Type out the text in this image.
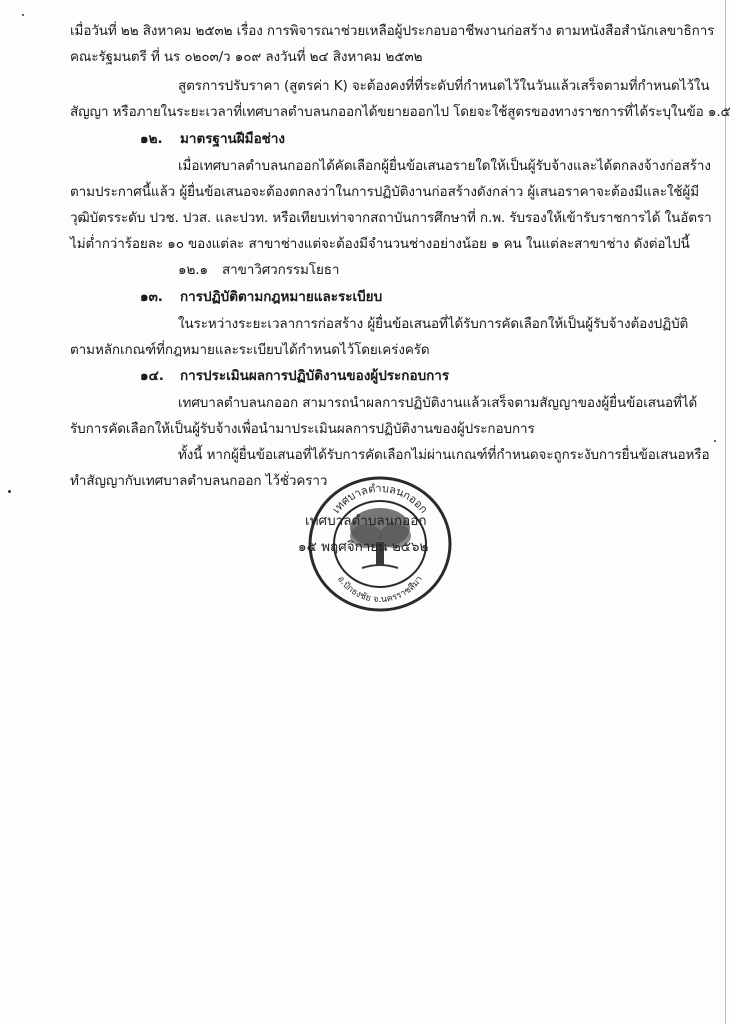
เมื่อวันที่ ๒๒ สิงหาคม ๒๕๓๒ เรื่อง การพิจารณาช่วยเหลือผู้ประกอบอาชีพงานก่อสร้าง ตามหนังสือสำนักเลขาธิการ
คณะรัฐมนตรี ที่ นร ๐๒๐๓/ว ๑๐๙ ลงวันที่ ๒๔ สิงหาคม ๒๕๓๒
สูตรการปรับราคา (สูตรค่า K) จะต้องคงที่ที่ระดับที่กำหนดไว้ในวันแล้วเสร็จตามที่กำหนดไว้ใน
สัญญา หรือภายในระยะเวลาที่เทศบาลตำบลนกออกได้ขยายออกไป โดยจะใช้สูตรของทางราชการที่ได้ระบุในข้อ ๑.๕
๑๒. มาตรฐานฝีมือช่าง
เมื่อเทศบาลตำบลนกออกได้คัดเลือกผู้ยื่นข้อเสนอรายใดให้เป็นผู้รับจ้างและได้ตกลงจ้างก่อสร้าง
ตามประกาศนี้แล้ว ผู้ยื่นข้อเสนอจะต้องตกลงว่าในการปฏิบัติงานก่อสร้างดังกล่าว ผู้เสนอราคาจะต้องมีและใช้ผู้มี
วุฒิบัตรระดับ ปวช. ปวส. และปวท. หรือเทียบเท่าจากสถาบันการศึกษาที่ ก.พ. รับรองให้เข้ารับราชการได้ ในอัตรา
ไม่ต่ำกว่าร้อยละ ๑๐ ของแต่ละ สาขาช่างแต่จะต้องมีจำนวนช่างอย่างน้อย ๑ คน ในแต่ละสาขาช่าง ดังต่อไปนี้
๑๒.๑ สาขาวิศวกรรมโยธา
๑๓. การปฏิบัติตามกฎหมายและระเบียบ
ในระหว่างระยะเวลาการก่อสร้าง ผู้ยื่นข้อเสนอที่ได้รับการคัดเลือกให้เป็นผู้รับจ้างต้องปฏิบัติ
ตามหลักเกณฑ์ที่กฎหมายและระเบียบได้กำหนดไว้โดยเคร่งครัด
๑๔. การประเมินผลการปฏิบัติงานของผู้ประกอบการ
เทศบาลตำบลนกออก สามารถนำผลการปฏิบัติงานแล้วเสร็จตามสัญญาของผู้ยื่นข้อเสนอที่ได้
รับการคัดเลือกให้เป็นผู้รับจ้างเพื่อนำมาประเมินผลการปฏิบัติงานของผู้ประกอบการ
ทั้งนี้ หากผู้ยื่นข้อเสนอที่ได้รับการคัดเลือกไม่ผ่านเกณฑ์ที่กำหนดจะถูกระงับการยื่นข้อเสนอหรือ
ทำสัญญากับเทศบาลตำบลนกออก ไว้ชั่วคราว
เทศบาลตำบลนกออก
อ.ปักธงชัย จ.นครราชสีมา
เทศบาลตำบลนกออก
๑๕ พฤศจิกายน ๒๕๖๒
